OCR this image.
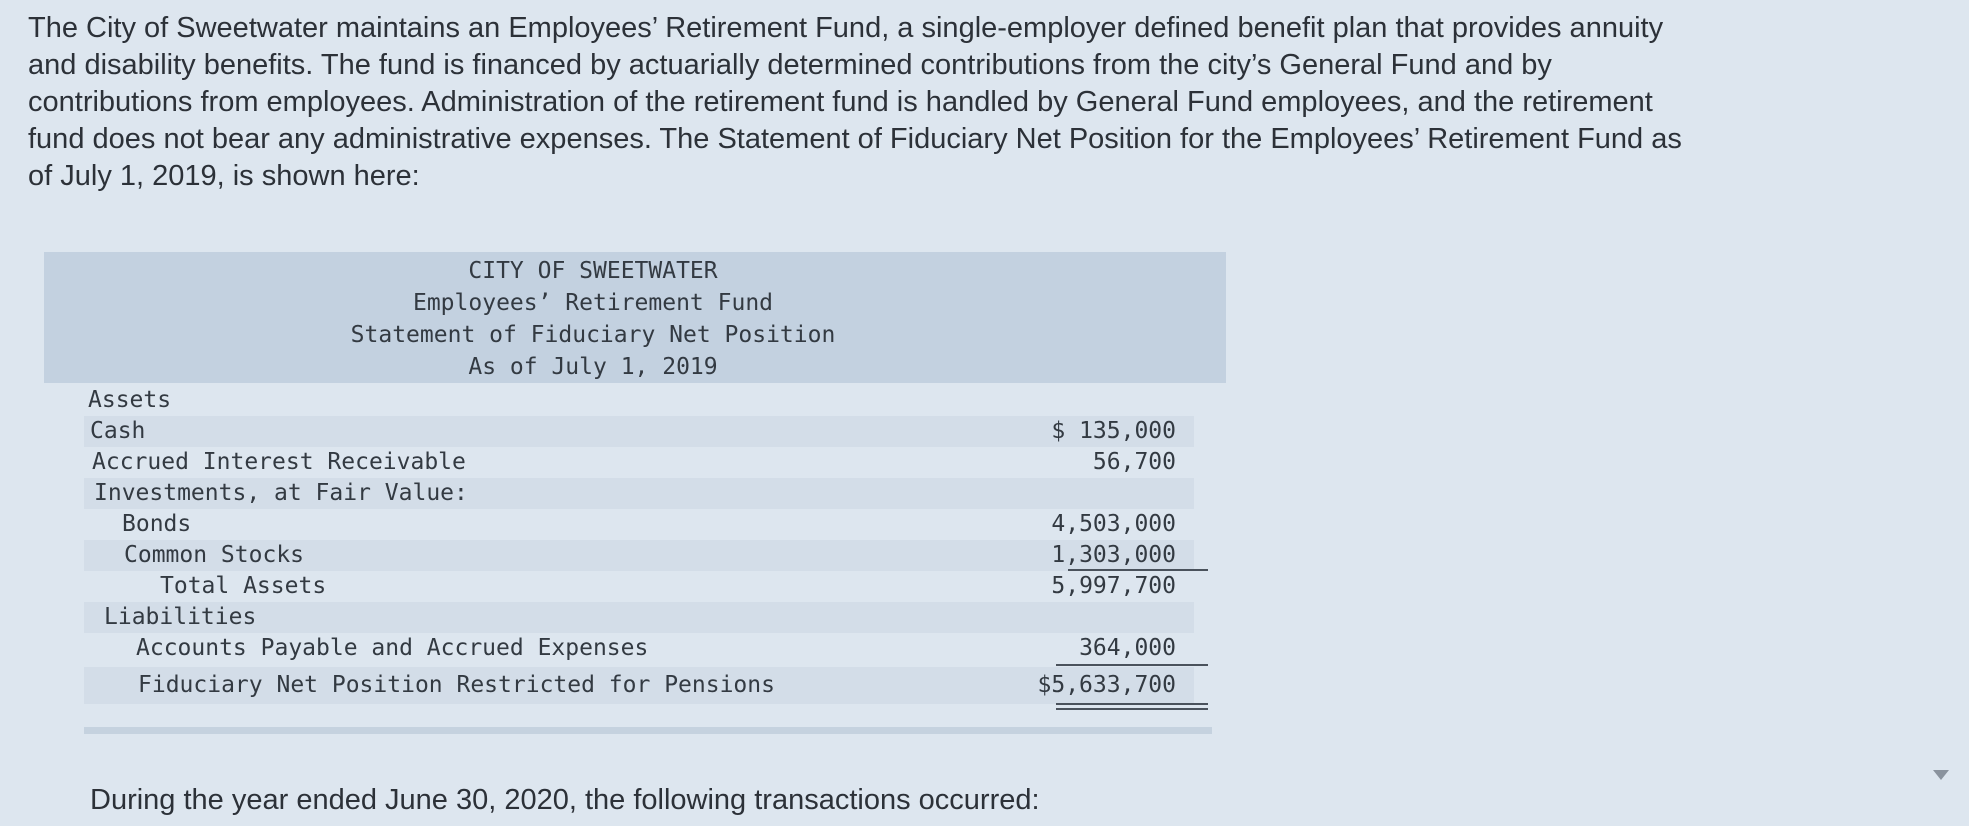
The City of Sweetwater maintains an Employees’ Retirement Fund, a single-employer defined benefit plan that provides annuity
and disability benefits. The fund is financed by actuarially determined contributions from the city’s General Fund and by
contributions from employees. Administration of the retirement fund is handled by General Fund employees, and the retirement
fund does not bear any administrative expenses. The Statement of Fiduciary Net Position for the Employees’ Retirement Fund as
of July 1, 2019, is shown here:
CITY OF SWEETWATER
Employees’ Retirement Fund
Statement of Fiduciary Net Position
As of July 1, 2019
Assets
Cash	$ 135,000
Accrued Interest Receivable	56,700
Investments, at Fair Value:
Bonds	4,503,000
Common Stocks	1,303,000
Total Assets	5,997,700
Liabilities
Accounts Payable and Accrued Expenses	364,000
Fiduciary Net Position Restricted for Pensions	$5,633,700
During the year ended June 30, 2020, the following transactions occurred:
